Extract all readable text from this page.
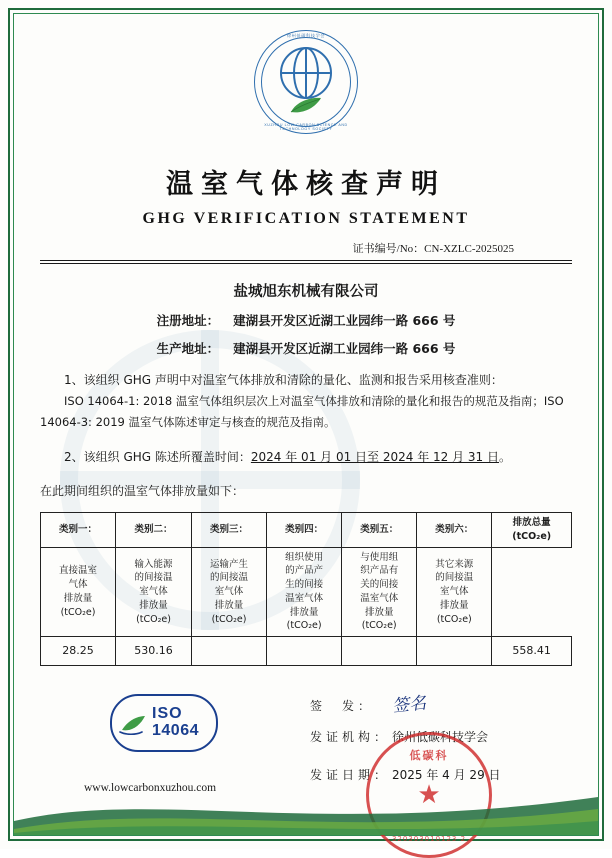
徐州低碳科技学会
XUZHOU LOW CARBON SCIENCE AND TECHNOLOGY SOCIETY
温室气体核查声明
GHG VERIFICATION STATEMENT
证书编号/No：CN-XZLC-2025025
盐城旭东机械有限公司
注册地址： 建湖县开发区近湖工业园纬一路 666 号
生产地址： 建湖县开发区近湖工业园纬一路 666 号
1、该组织 GHG 声明中对温室气体排放和清除的量化、监测和报告采用核查准则：
ISO 14064-1: 2018 温室气体组织层次上对温室气体排放和清除的量化和报告的规范及指南；ISO 14064-3: 2019 温室气体陈述审定与核查的规范及指南。
2、该组织 GHG 陈述所覆盖时间：2024 年 01 月 01 日至 2024 年 12 月 31 日。
在此期间组织的温室气体排放量如下：
类别一：	类别二：	类别三：	类别四：	类别五：	类别六：	排放总量
(tCO₂e)

直接温室
气体
排放量
(tCO₂e)

输入能源
的间接温
室气体
排放量
(tCO₂e)

运输产生
的间接温
室气体
排放量
(tCO₂e)

组织使用
的产品产
生的间接
温室气体
排放量
(tCO₂e)

与使用组
织产品有
关的间接
温室气体
排放量
(tCO₂e)

其它来源
的间接温
室气体
排放量
(tCO₂e)

28.25	530.16					558.41
ISO
14064
www.lowcarbonxuzhou.com
签　发：	签名
发证机构： 徐州低碳科技学会
发证日期： 2025 年 4 月 29 日
低碳科
★
320303010123 2
